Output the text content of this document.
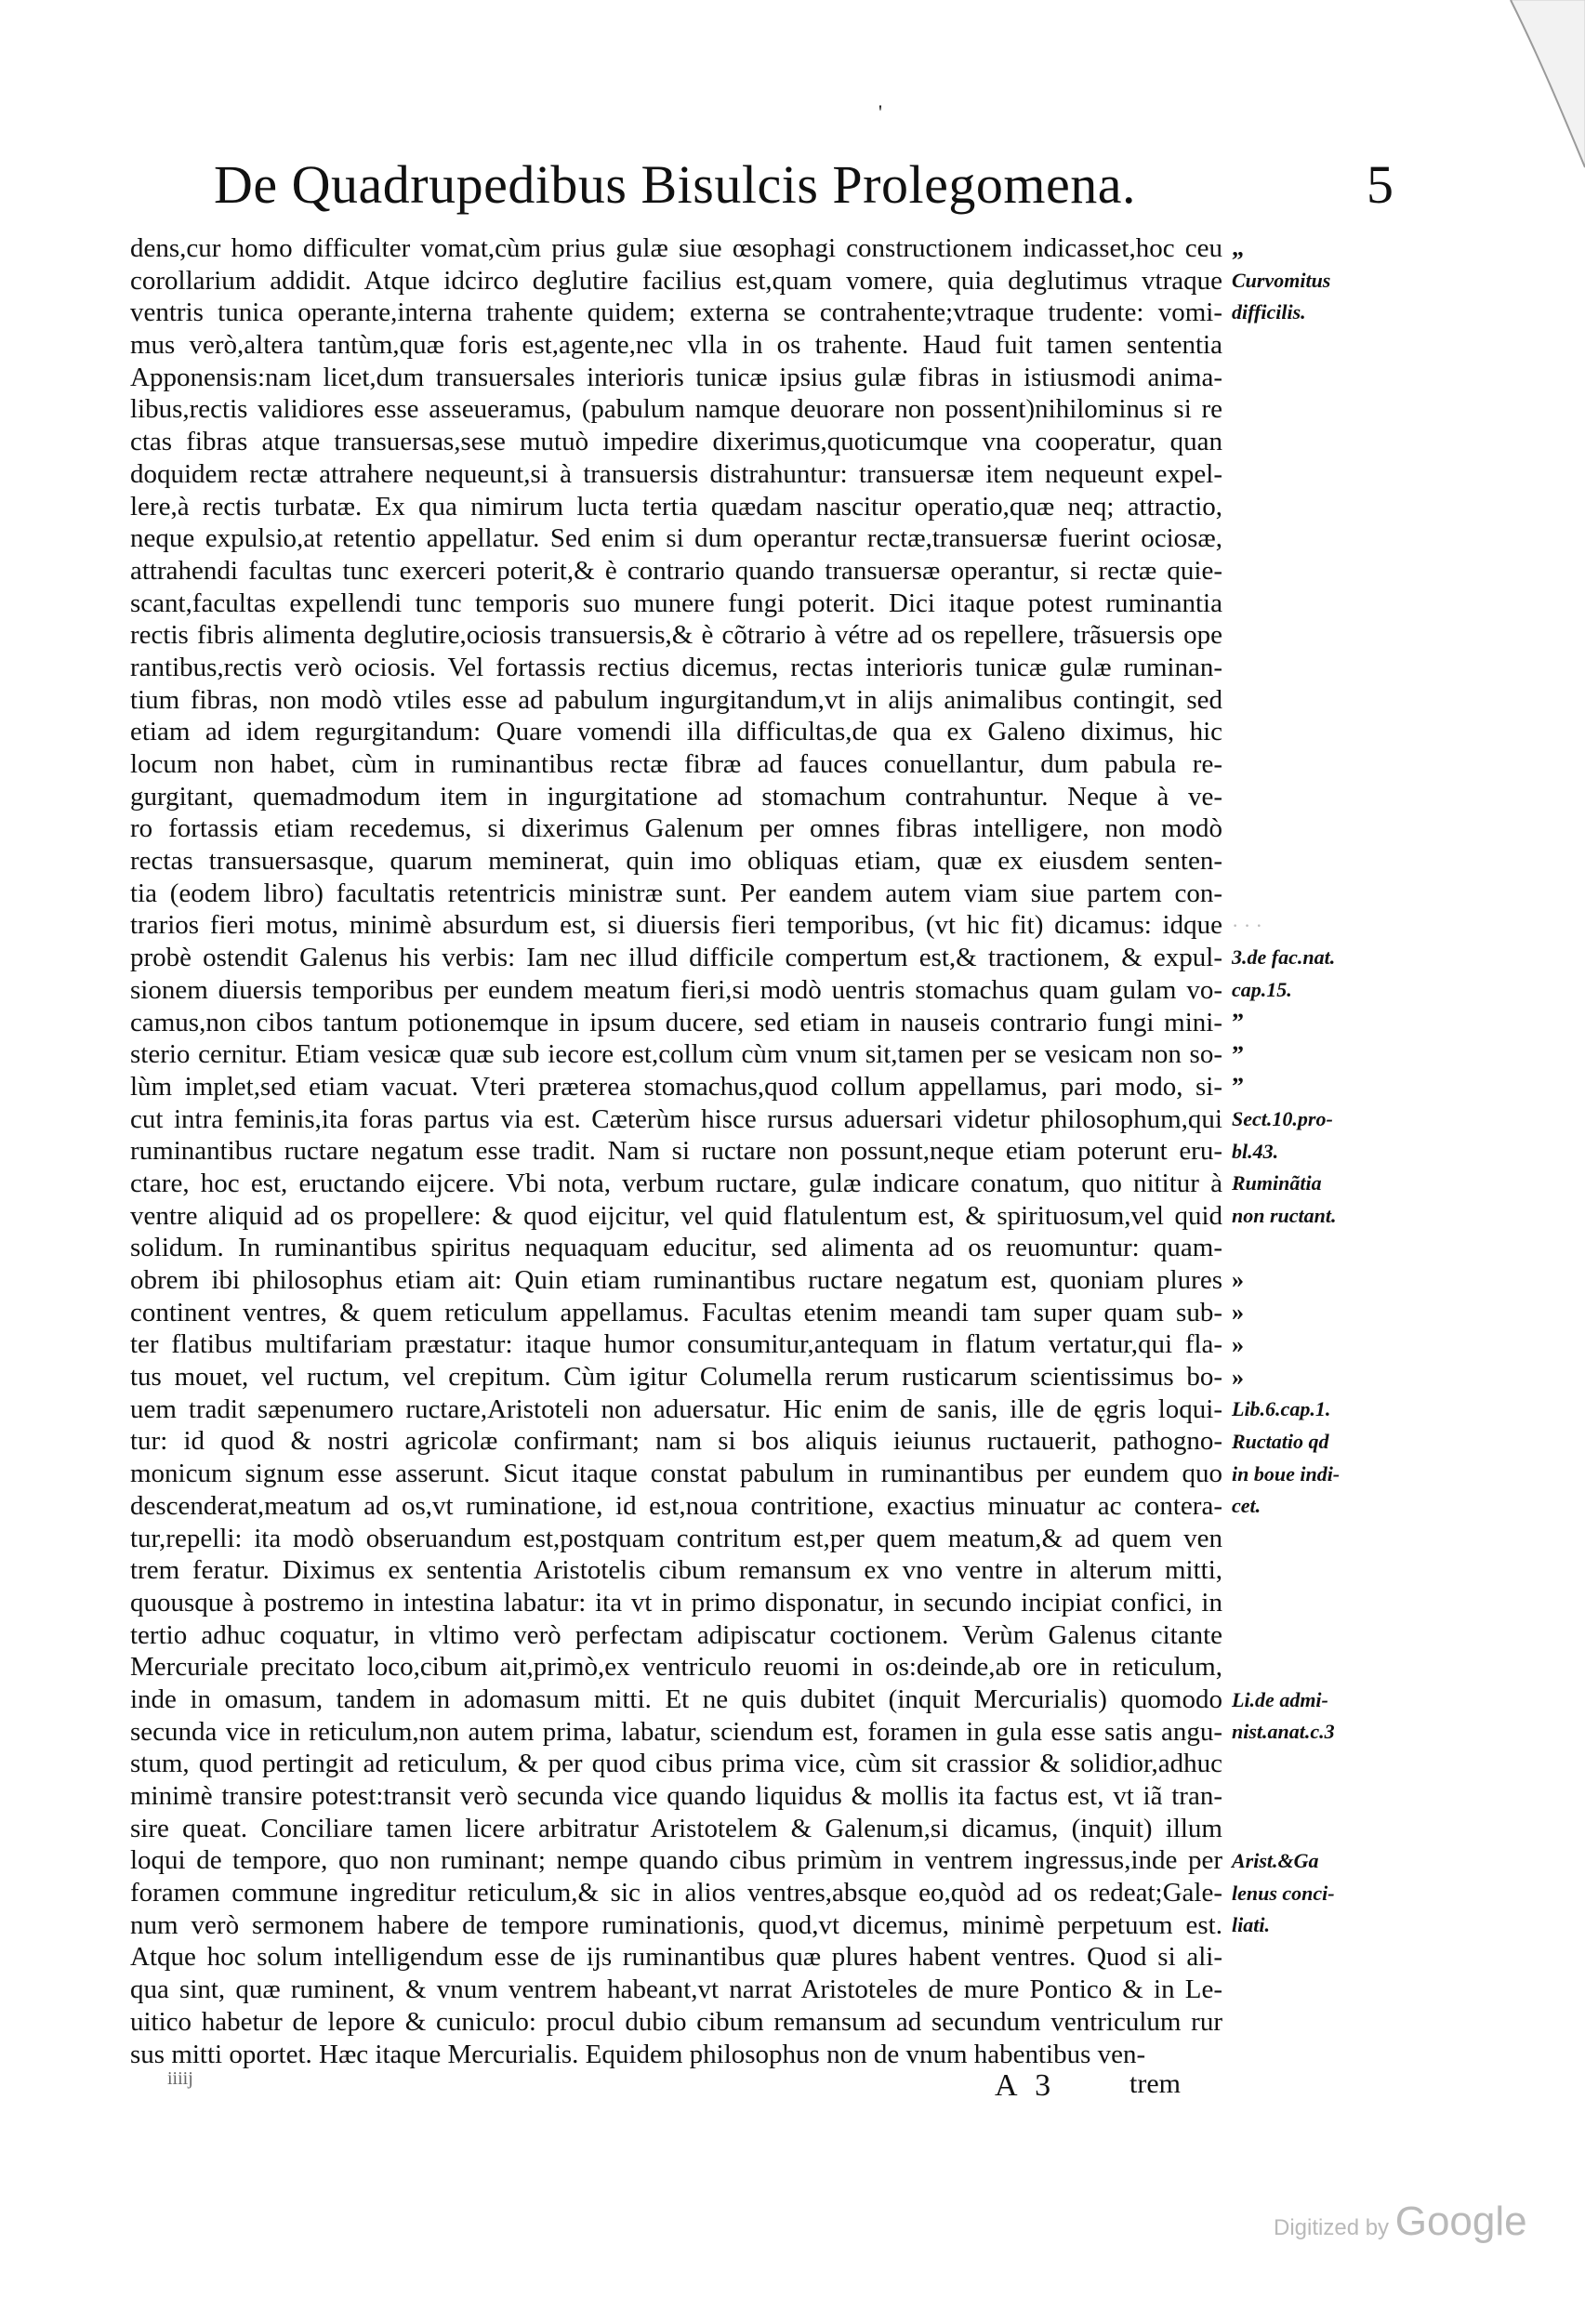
'
De Quadrupedibus Bisulcis Prolegomena.	5
dens,cur homo difficulter vomat,cùm prius gulæ siue œsophagi constructionem indicasset,hoc ceu
corollarium addidit. Atque idcirco deglutire facilius est,quam vomere, quia deglutimus vtraque
ventris tunica operante,interna trahente quidem; externa se contrahente;vtraque trudente: vomi-
mus verò,altera tantùm,quæ foris est,agente,nec vlla in os trahente. Haud fuit tamen sententia
Apponensis:nam licet,dum transuersales interioris tunicæ ipsius gulæ fibras in istiusmodi anima-
libus,rectis validiores esse asseueramus, (pabulum namque deuorare non possent)nihilominus si re
ctas fibras atque transuersas,sese mutuò impedire dixerimus,quoticumque vna cooperatur, quan
doquidem rectæ attrahere nequeunt,si à transuersis distrahuntur: transuersæ item nequeunt expel-
lere,à rectis turbatæ. Ex qua nimirum lucta tertia quædam nascitur operatio,quæ neq; attractio,
neque expulsio,at retentio appellatur. Sed enim si dum operantur rectæ,transuersæ fuerint ociosæ,
attrahendi facultas tunc exerceri poterit,& è contrario quando transuersæ operantur, si rectæ quie-
scant,facultas expellendi tunc temporis suo munere fungi poterit. Dici itaque potest ruminantia
rectis fibris alimenta deglutire,ociosis transuersis,& è cõtrario à vétre ad os repellere, trãsuersis ope
rantibus,rectis verò ociosis. Vel fortassis rectius dicemus, rectas interioris tunicæ gulæ ruminan-
tium fibras, non modò vtiles esse ad pabulum ingurgitandum,vt in alijs animalibus contingit, sed
etiam ad idem regurgitandum: Quare vomendi illa difficultas,de qua ex Galeno diximus, hic
locum non habet, cùm in ruminantibus rectæ fibræ ad fauces conuellantur, dum pabula re-
gurgitant, quemadmodum item in ingurgitatione ad stomachum contrahuntur. Neque à ve-
ro fortassis etiam recedemus, si dixerimus Galenum per omnes fibras intelligere, non modò
rectas transuersasque, quarum meminerat, quin imo obliquas etiam, quæ ex eiusdem senten-
tia (eodem libro) facultatis retentricis ministræ sunt. Per eandem autem viam siue partem con-
trarios fieri motus, minimè absurdum est, si diuersis fieri temporibus, (vt hic fit) dicamus: idque
probè ostendit Galenus his verbis: Iam nec illud difficile compertum est,& tractionem, & expul-
sionem diuersis temporibus per eundem meatum fieri,si modò uentris stomachus quam gulam vo-
camus,non cibos tantum potionemque in ipsum ducere, sed etiam in nauseis contrario fungi mini-
sterio cernitur. Etiam vesicæ quæ sub iecore est,collum cùm vnum sit,tamen per se vesicam non so-
lùm implet,sed etiam vacuat. Vteri præterea stomachus,quod collum appellamus, pari modo, si-
cut intra feminis,ita foras partus via est. Cæterùm hisce rursus aduersari videtur philosophum,qui
ruminantibus ructare negatum esse tradit. Nam si ructare non possunt,neque etiam poterunt eru-
ctare, hoc est, eructando eijcere. Vbi nota, verbum ructare, gulæ indicare conatum, quo nititur à
ventre aliquid ad os propellere: & quod eijcitur, vel quid flatulentum est, & spirituosum,vel quid
solidum. In ruminantibus spiritus nequaquam educitur, sed alimenta ad os reuomuntur: quam-
obrem ibi philosophus etiam ait: Quin etiam ruminantibus ructare negatum est, quoniam plures
continent ventres, & quem reticulum appellamus. Facultas etenim meandi tam super quam sub-
ter flatibus multifariam præstatur: itaque humor consumitur,antequam in flatum vertatur,qui fla-
tus mouet, vel ructum, vel crepitum. Cùm igitur Columella rerum rusticarum scientissimus bo-
uem tradit sæpenumero ructare,Aristoteli non aduersatur. Hic enim de sanis, ille de ęgris loqui-
tur: id quod & nostri agricolæ confirmant; nam si bos aliquis ieiunus ructauerit, pathogno-
monicum signum esse asserunt. Sicut itaque constat pabulum in ruminantibus per eundem quo
descenderat,meatum ad os,vt ruminatione, id est,noua contritione, exactius minuatur ac contera-
tur,repelli: ita modò obseruandum est,postquam contritum est,per quem meatum,& ad quem ven
trem feratur. Diximus ex sententia Aristotelis cibum remansum ex vno ventre in alterum mitti,
quousque à postremo in intestina labatur: ita vt in primo disponatur, in secundo incipiat confici, in
tertio adhuc coquatur, in vltimo verò perfectam adipiscatur coctionem. Verùm Galenus citante
Mercuriale precitato loco,cibum ait,primò,ex ventriculo reuomi in os:deinde,ab ore in reticulum,
inde in omasum, tandem in adomasum mitti. Et ne quis dubitet (inquit Mercurialis) quomodo
secunda vice in reticulum,non autem prima, labatur, sciendum est, foramen in gula esse satis angu-
stum, quod pertingit ad reticulum, & per quod cibus prima vice, cùm sit crassior & solidior,adhuc
minimè transire potest:transit verò secunda vice quando liquidus & mollis ita factus est, vt iã tran-
sire queat. Conciliare tamen licere arbitratur Aristotelem & Galenum,si dicamus, (inquit) illum
loqui de tempore, quo non ruminant; nempe quando cibus primùm in ventrem ingressus,inde per
foramen commune ingreditur reticulum,& sic in alios ventres,absque eo,quòd ad os redeat;Gale-
num verò sermonem habere de tempore ruminationis, quod,vt dicemus, minimè perpetuum est.
Atque hoc solum intelligendum esse de ijs ruminantibus quæ plures habent ventres. Quod si ali-
qua sint, quæ ruminent, & vnum ventrem habeant,vt narrat Aristoteles de mure Pontico & in Le-
uitico habetur de lepore & cuniculo: procul dubio cibum remansum ad secundum ventriculum rur
sus mitti oportet. Hæc itaque Mercurialis. Equidem philosophus non de vnum habentibus ven-
„
Curvomitus
difficilis.
· · ·
3.de fac.nat.
cap.15.
”
”
”
Sect.10.pro-
bl.43.
Ruminãtia
non ructant.
»
»
»
»
Lib.6.cap.1.
Ructatio qd
in boue indi-
cet.
Li.de admi-
nist.anat.c.3
Arist.&Ga
lenus conci-
liati.
iiiij	A 3	trem
Digitized by Google
